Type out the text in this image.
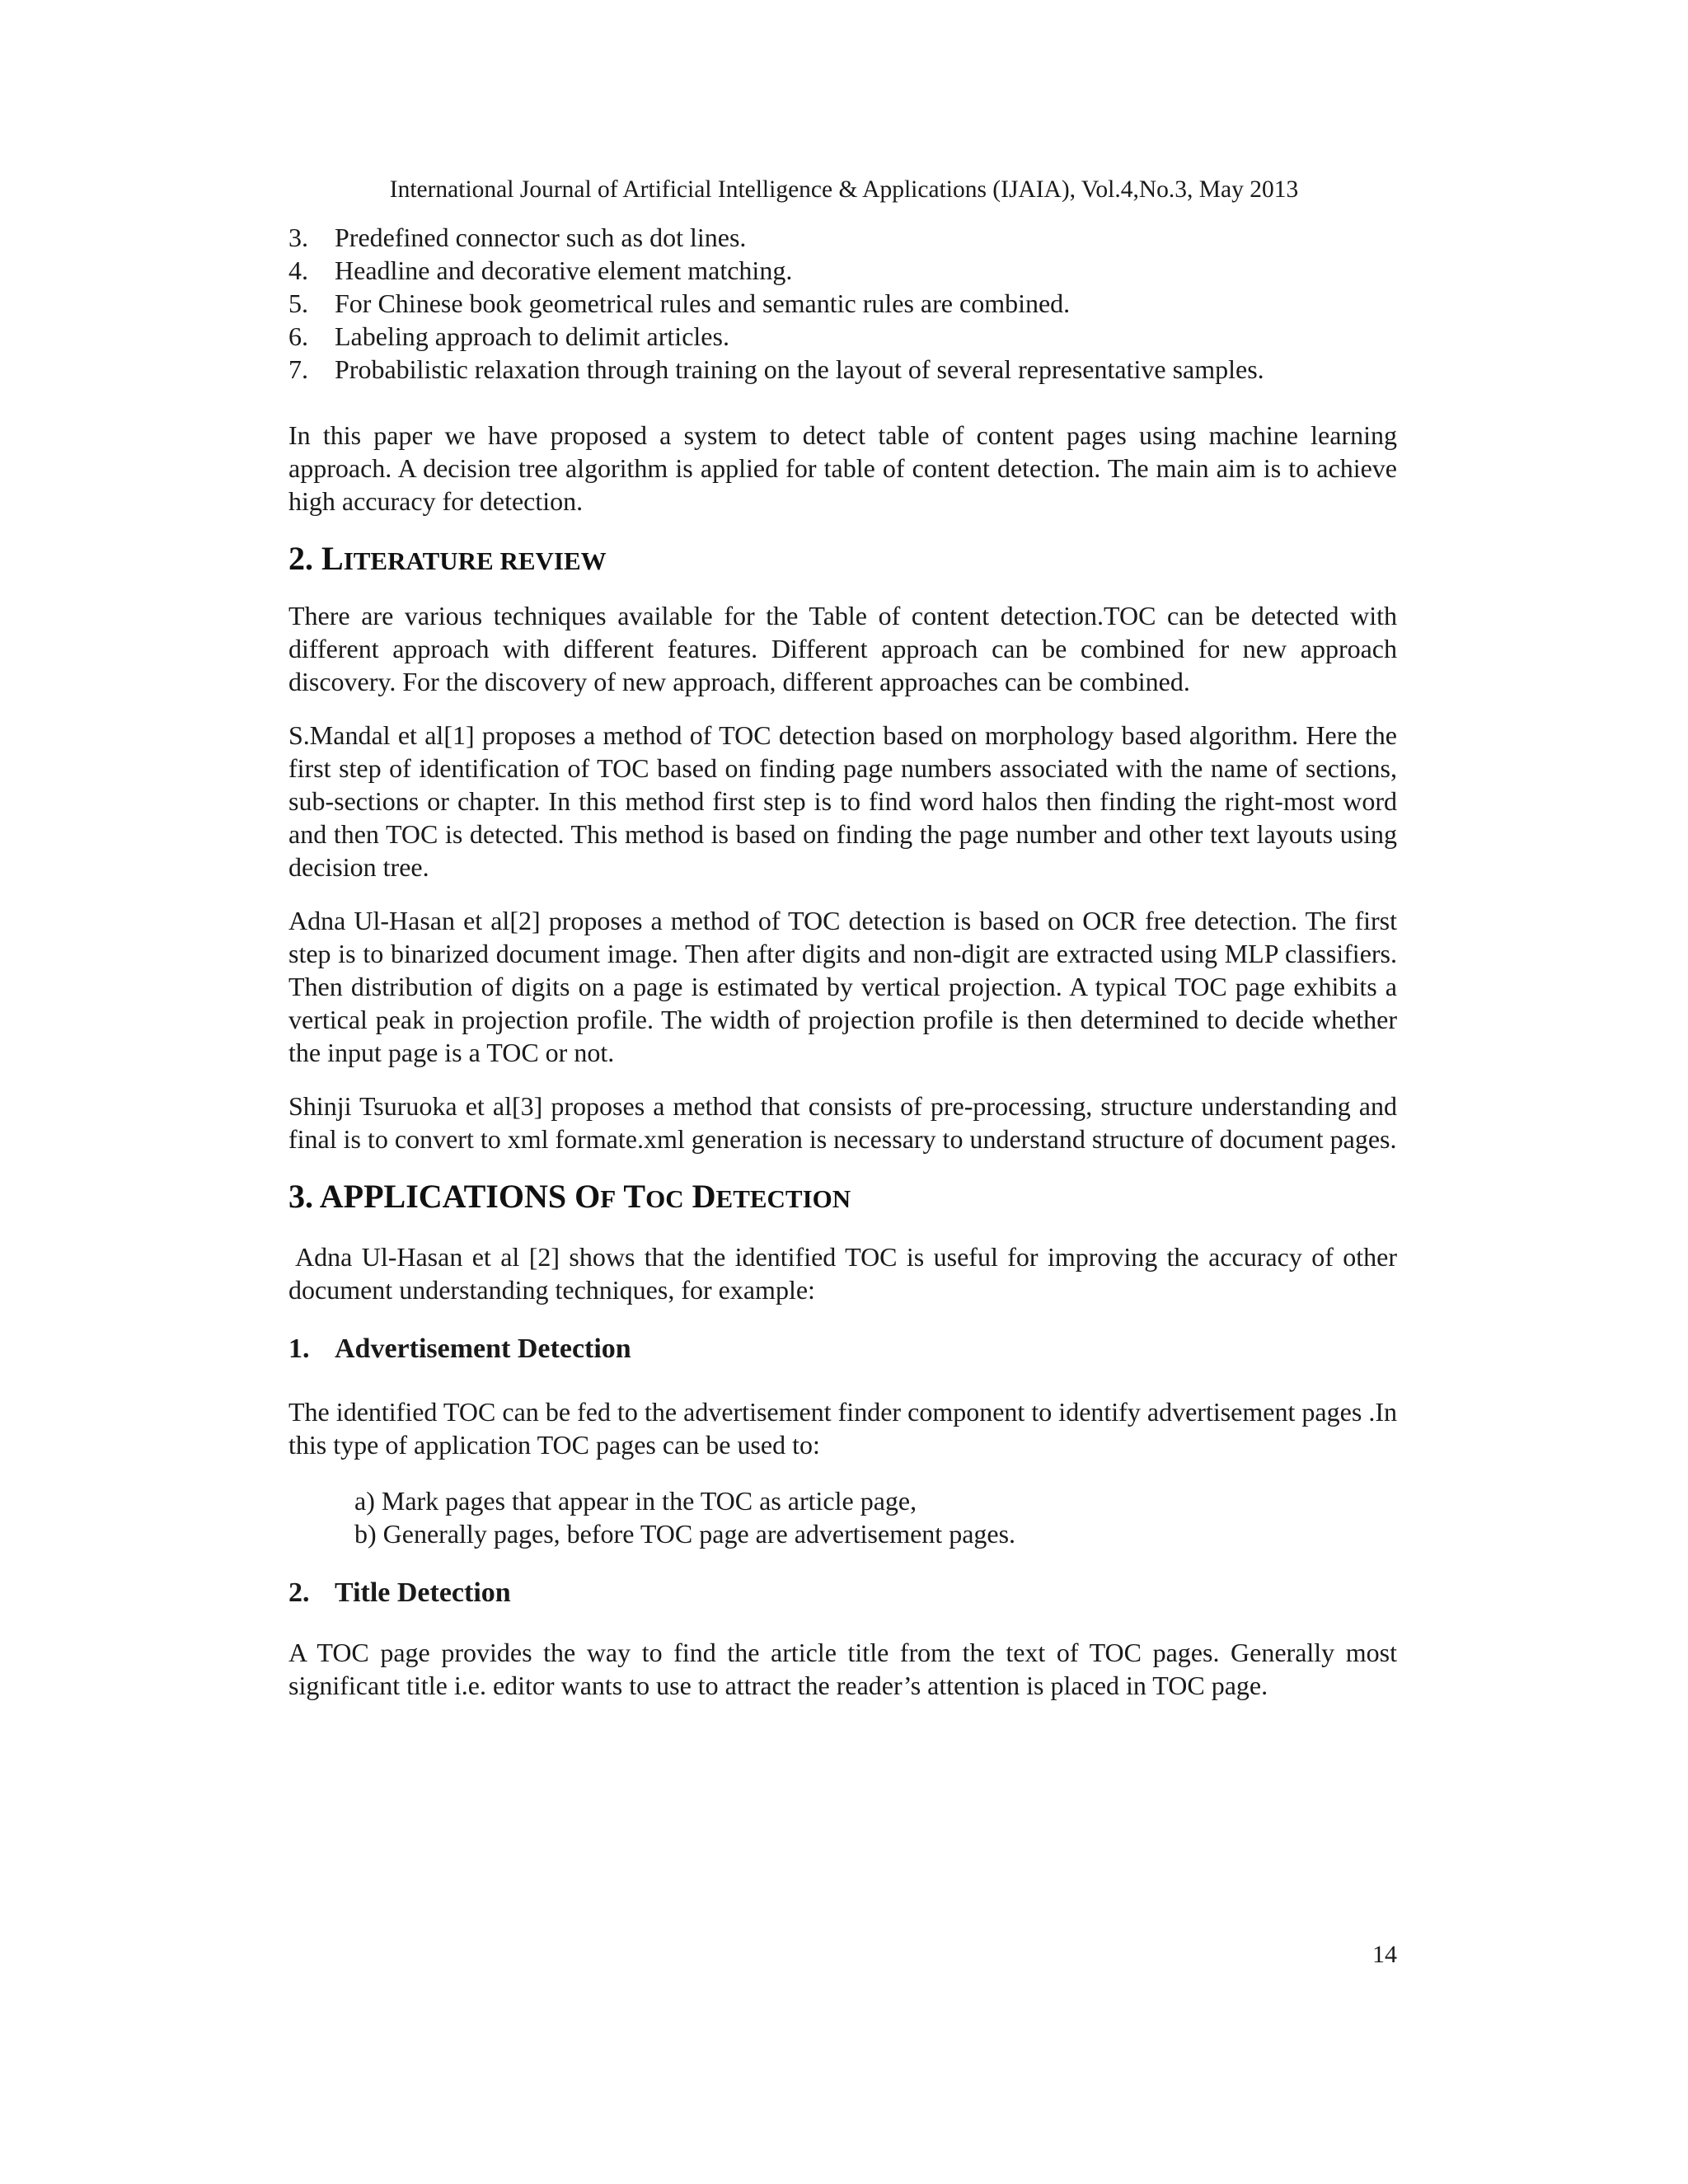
International Journal of Artificial Intelligence & Applications (IJAIA), Vol.4,No.3, May 2013
3.	Predefined connector such as dot lines.
4.	Headline and decorative element matching.
5.	For Chinese book geometrical rules and semantic rules are combined.
6.	Labeling approach to delimit articles.
7.	Probabilistic relaxation through training on the layout of several representative samples.

In this paper we have proposed a system to detect table of content pages using machine learning approach. A decision tree algorithm is applied for table of content detection. The main aim is to achieve high accuracy for detection.

2. LITERATURE REVIEW

There are various techniques available for the Table of content detection.TOC can be detected with different approach with different features. Different approach can be combined for new approach discovery. For the discovery of new approach, different approaches can be combined.

S.Mandal et al[1] proposes a method of TOC detection based on morphology based algorithm. Here the first step of identification of TOC based on finding page numbers associated with the name of sections, sub-sections or chapter. In this method first step is to find word halos then finding the right-most word and then TOC is detected. This method is based on finding the page number and other text layouts using decision tree.

Adna Ul-Hasan et al[2] proposes a method of TOC detection is based on OCR free detection. The first step is to binarized document image. Then after digits and non-digit are extracted using MLP classifiers. Then distribution of digits on a page is estimated by vertical projection. A typical TOC page exhibits a vertical peak in projection profile. The width of projection profile is then determined to decide whether the input page is a TOC or not.

Shinji Tsuruoka et al[3] proposes a method that consists of pre-processing, structure understanding and final is to convert to xml formate.xml generation is necessary to understand structure of document pages.

3. APPLICATIONS OF TOC DETECTION

Adna Ul-Hasan et al [2] shows that the identified TOC is useful for improving the accuracy of other document understanding techniques, for example:

1. Advertisement Detection

The identified TOC can be fed to the advertisement finder component to identify advertisement pages .In this type of application TOC pages can be used to:

a) Mark pages that appear in the TOC as article page,
b) Generally pages, before TOC page are advertisement pages.
2. Title Detection

A TOC page provides the way to find the article title from the text of TOC pages. Generally most significant title i.e. editor wants to use to attract the reader’s attention is placed in TOC page.

14
